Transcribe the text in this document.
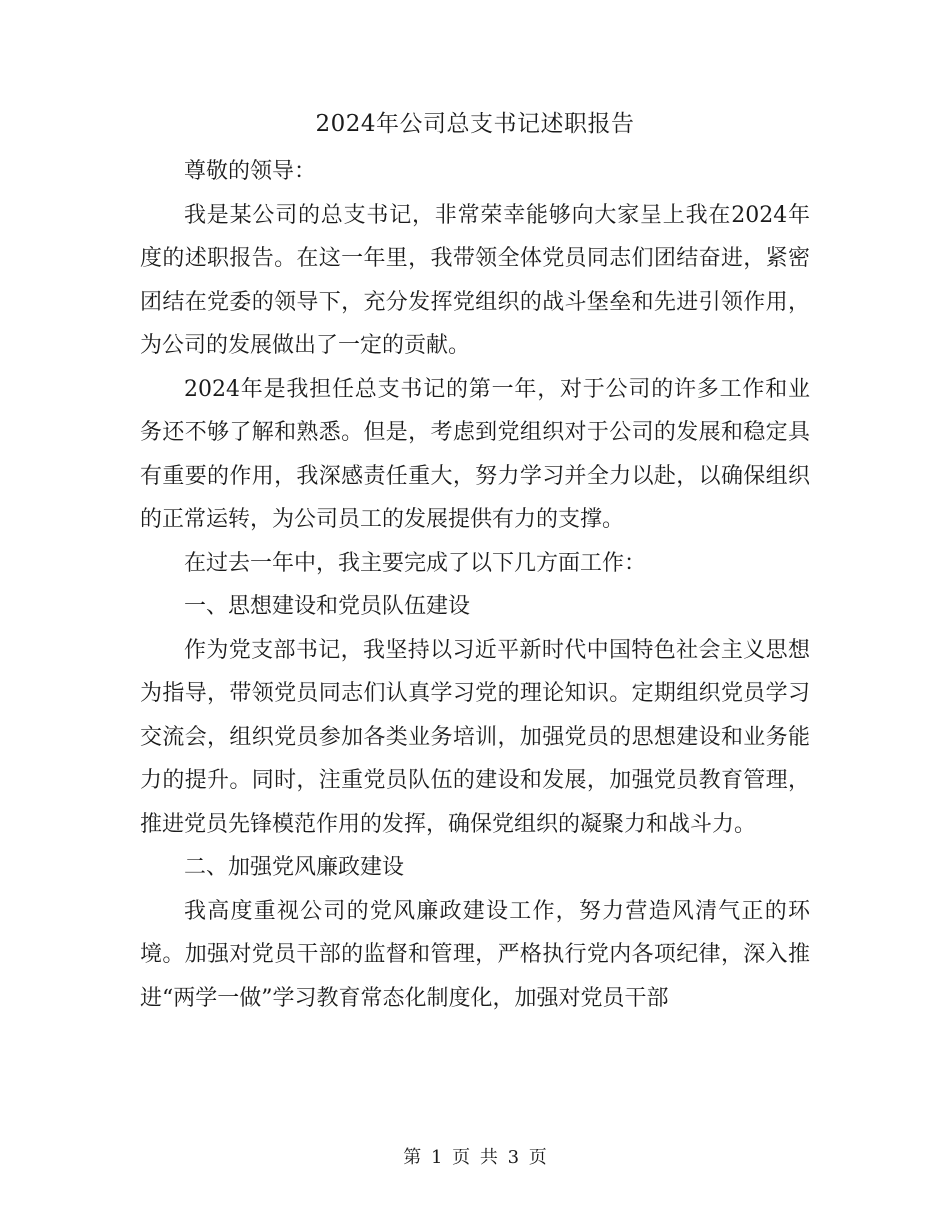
2024年公司总支书记述职报告

尊敬的领导：

我是某公司的总支书记，非常荣幸能够向大家呈上我在2024年度的述职报告。在这一年里，我带领全体党员同志们团结奋进，紧密团结在党委的领导下，充分发挥党组织的战斗堡垒和先进引领作用，为公司的发展做出了一定的贡献。

2024年是我担任总支书记的第一年，对于公司的许多工作和业务还不够了解和熟悉。但是，考虑到党组织对于公司的发展和稳定具有重要的作用，我深感责任重大，努力学习并全力以赴，以确保组织的正常运转，为公司员工的发展提供有力的支撑。

在过去一年中，我主要完成了以下几方面工作：

一、思想建设和党员队伍建设

作为党支部书记，我坚持以习近平新时代中国特色社会主义思想为指导，带领党员同志们认真学习党的理论知识。定期组织党员学习交流会，组织党员参加各类业务培训，加强党员的思想建设和业务能力的提升。同时，注重党员队伍的建设和发展，加强党员教育管理，推进党员先锋模范作用的发挥，确保党组织的凝聚力和战斗力。

二、加强党风廉政建设

我高度重视公司的党风廉政建设工作，努力营造风清气正的环境。加强对党员干部的监督和管理，严格执行党内各项纪律，深入推进“两学一做”学习教育常态化制度化，加强对党员干部

第 1 页 共 3 页
